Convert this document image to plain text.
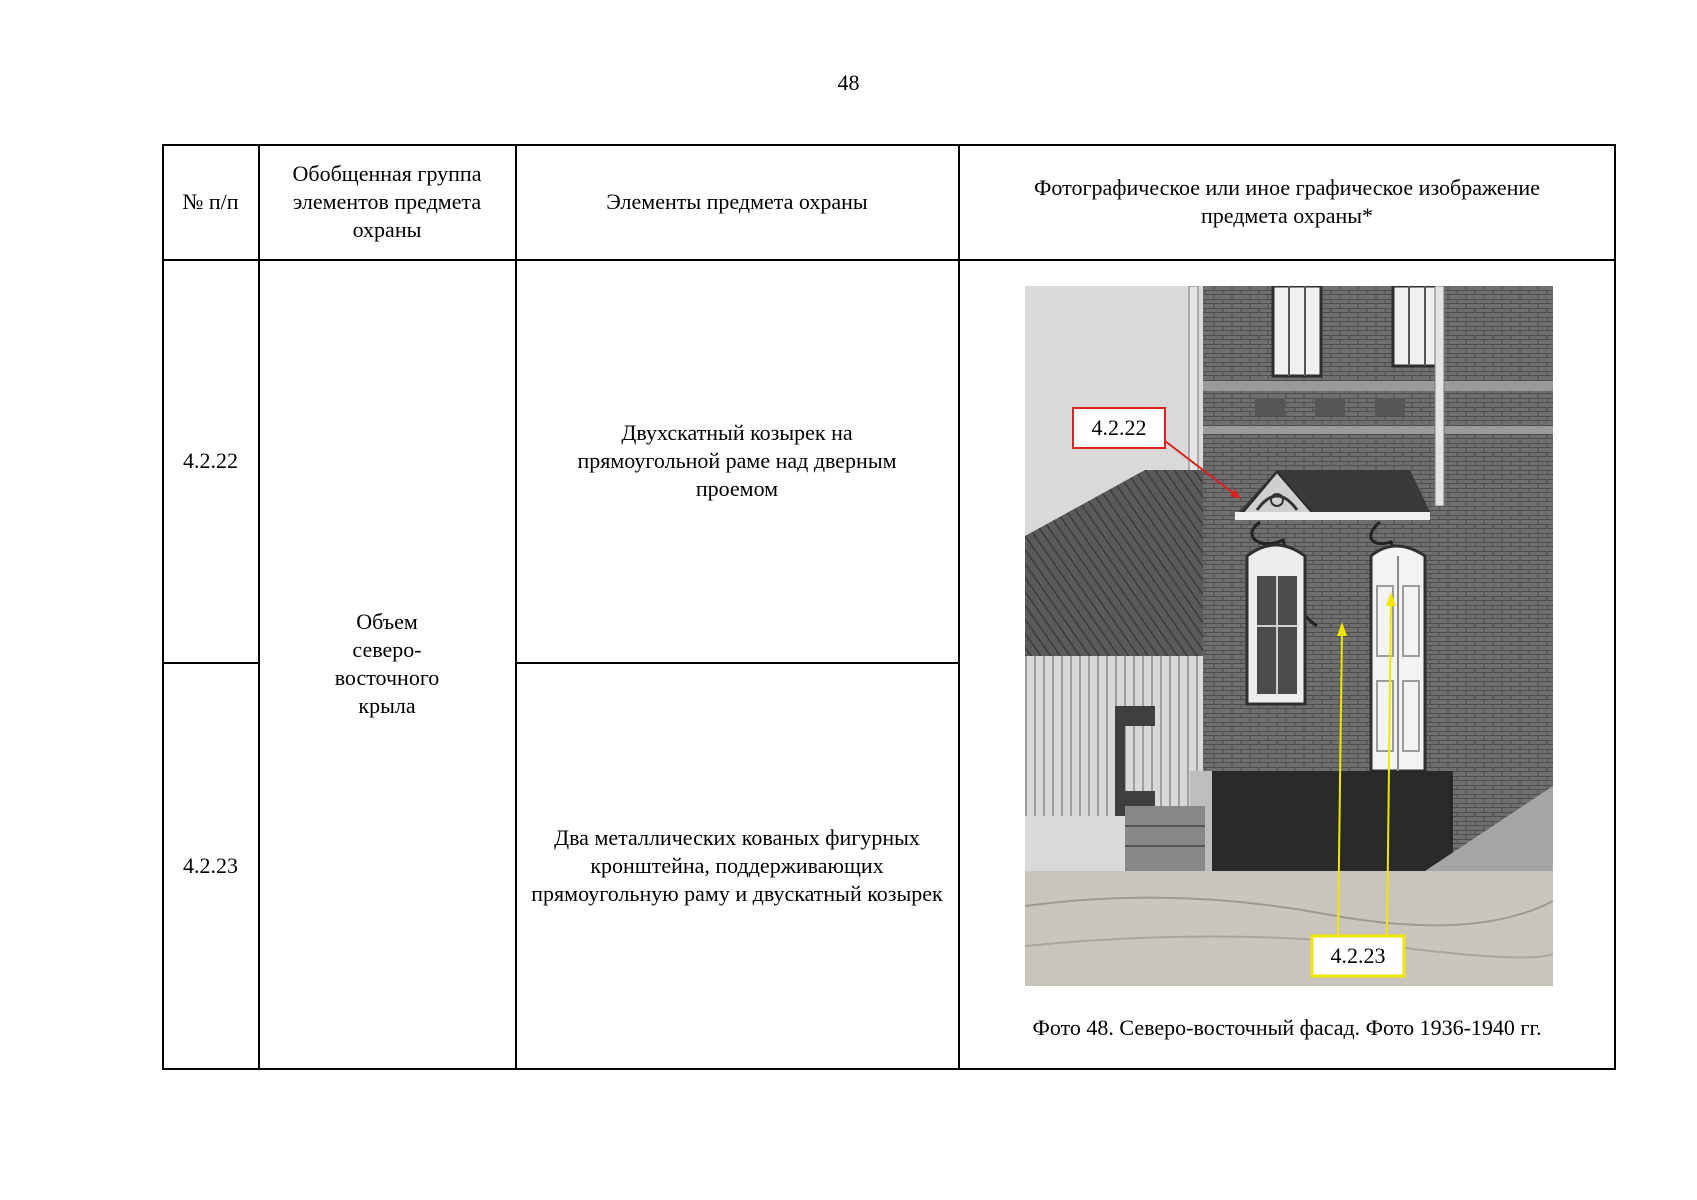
48
№ п/п
Обобщенная группа элементов предмета охраны
Элементы предмета охраны
Фотографическое или иное графическое изображение предмета охраны*
4.2.22
Двухскатный козырек на прямоугольной раме над дверным проемом
4.2.23
Два металлических кованых фигурных кронштейна, поддерживающих прямоугольную раму и двускатный козырек
Объем северо-восточного крыла
4.2.22
4.2.23
Фото 48. Северо-восточный фасад. Фото 1936-1940 гг.
